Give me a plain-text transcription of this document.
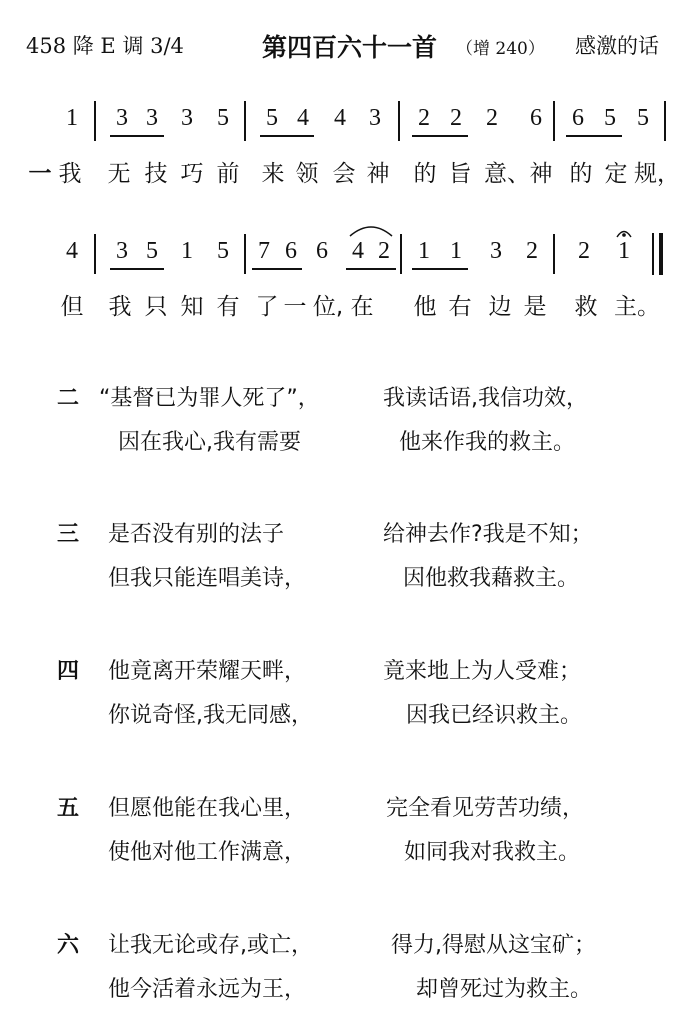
458 降 E 调 3/4	第四百六十一首 （增 240） 感激的话
1 3 3 3 5 5 4 4 3 2 2 2 6 6 5 5
一 我 无 技 巧 前 来 领 会 神 的 旨 意、 神 的 定 规，
4 3 5 1 5 7 6 6 4 2 1 1 3 2 2 1
但 我 只 知 有 了 一 位, 在 他 右 边 是 救 主。
二 “基督已为罪人死了”，	我读话语,我信功效，
因在我心,我有需要	他来作我的救主。
三 是否没有别的法子	给神去作?我是不知；
但我只能连唱美诗，	因他救我藉救主。
四 他竟离开荣耀天畔，	竟来地上为人受难；
你说奇怪,我无同感，	因我已经识救主。
五 但愿他能在我心里，	完全看见劳苦功绩，
使他对他工作满意，	如同我对我救主。
六 让我无论或存,或亡，	得力,得慰从这宝矿；
他今活着永远为王，	却曾死过为救主。
